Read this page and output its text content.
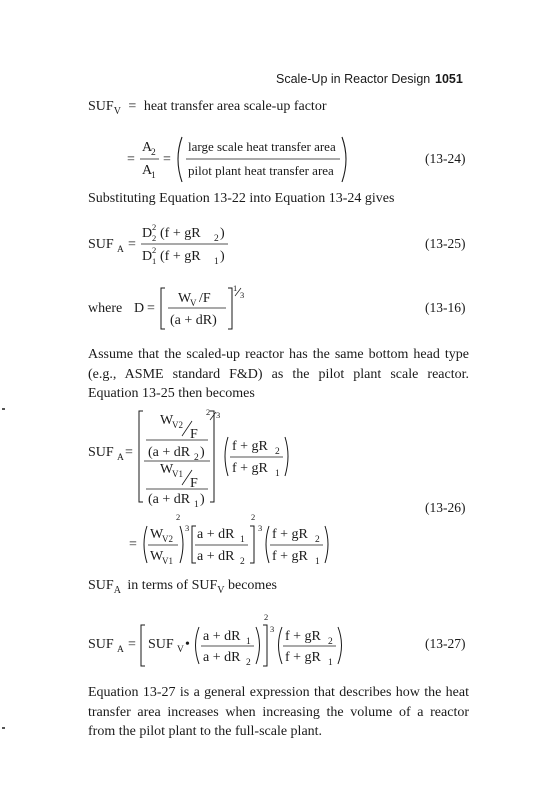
Scale-Up in Reactor Design 1051
$SUF_V$ = heat transfer area scale-up factor
=
A
2
A
1
=
large scale heat transfer area
pilot plant heat transfer area
(13-24)
Substituting Equation 13-22 into Equation 13-24 gives
SUF A =
D 2
2 (f + gR 2 )
D 2
1 (f + gR 1 )
(13-25)
where D =
W
V /F
(a + dR)
1
3
(13-16)
Assume that the scaled-up reactor has the same bottom head type (e.g., ASME standard F&D) as the pilot plant scale reactor. Equation 13-25 then becomes
SUF A =
W
V2
F
(a + dR 2 )
W
V1
F
(a + dR 1 )
2 3
f + gR 2
f + gR 1
(13-26)
=
W
V2
W
V1
2
3 a + dR 1
a + dR 2
2
3 f + gR 2
f + gR 1
$SUF_A$ in terms of $SUF_V$ becomes
SUF A = SUF V •
a + dR 1
a + dR 2
2
3 f + gR 2
f + gR 1
(13-27)
Equation 13-27 is a general expression that describes how the heat transfer area increases when increasing the volume of a reactor from the pilot plant to the full-scale plant.
